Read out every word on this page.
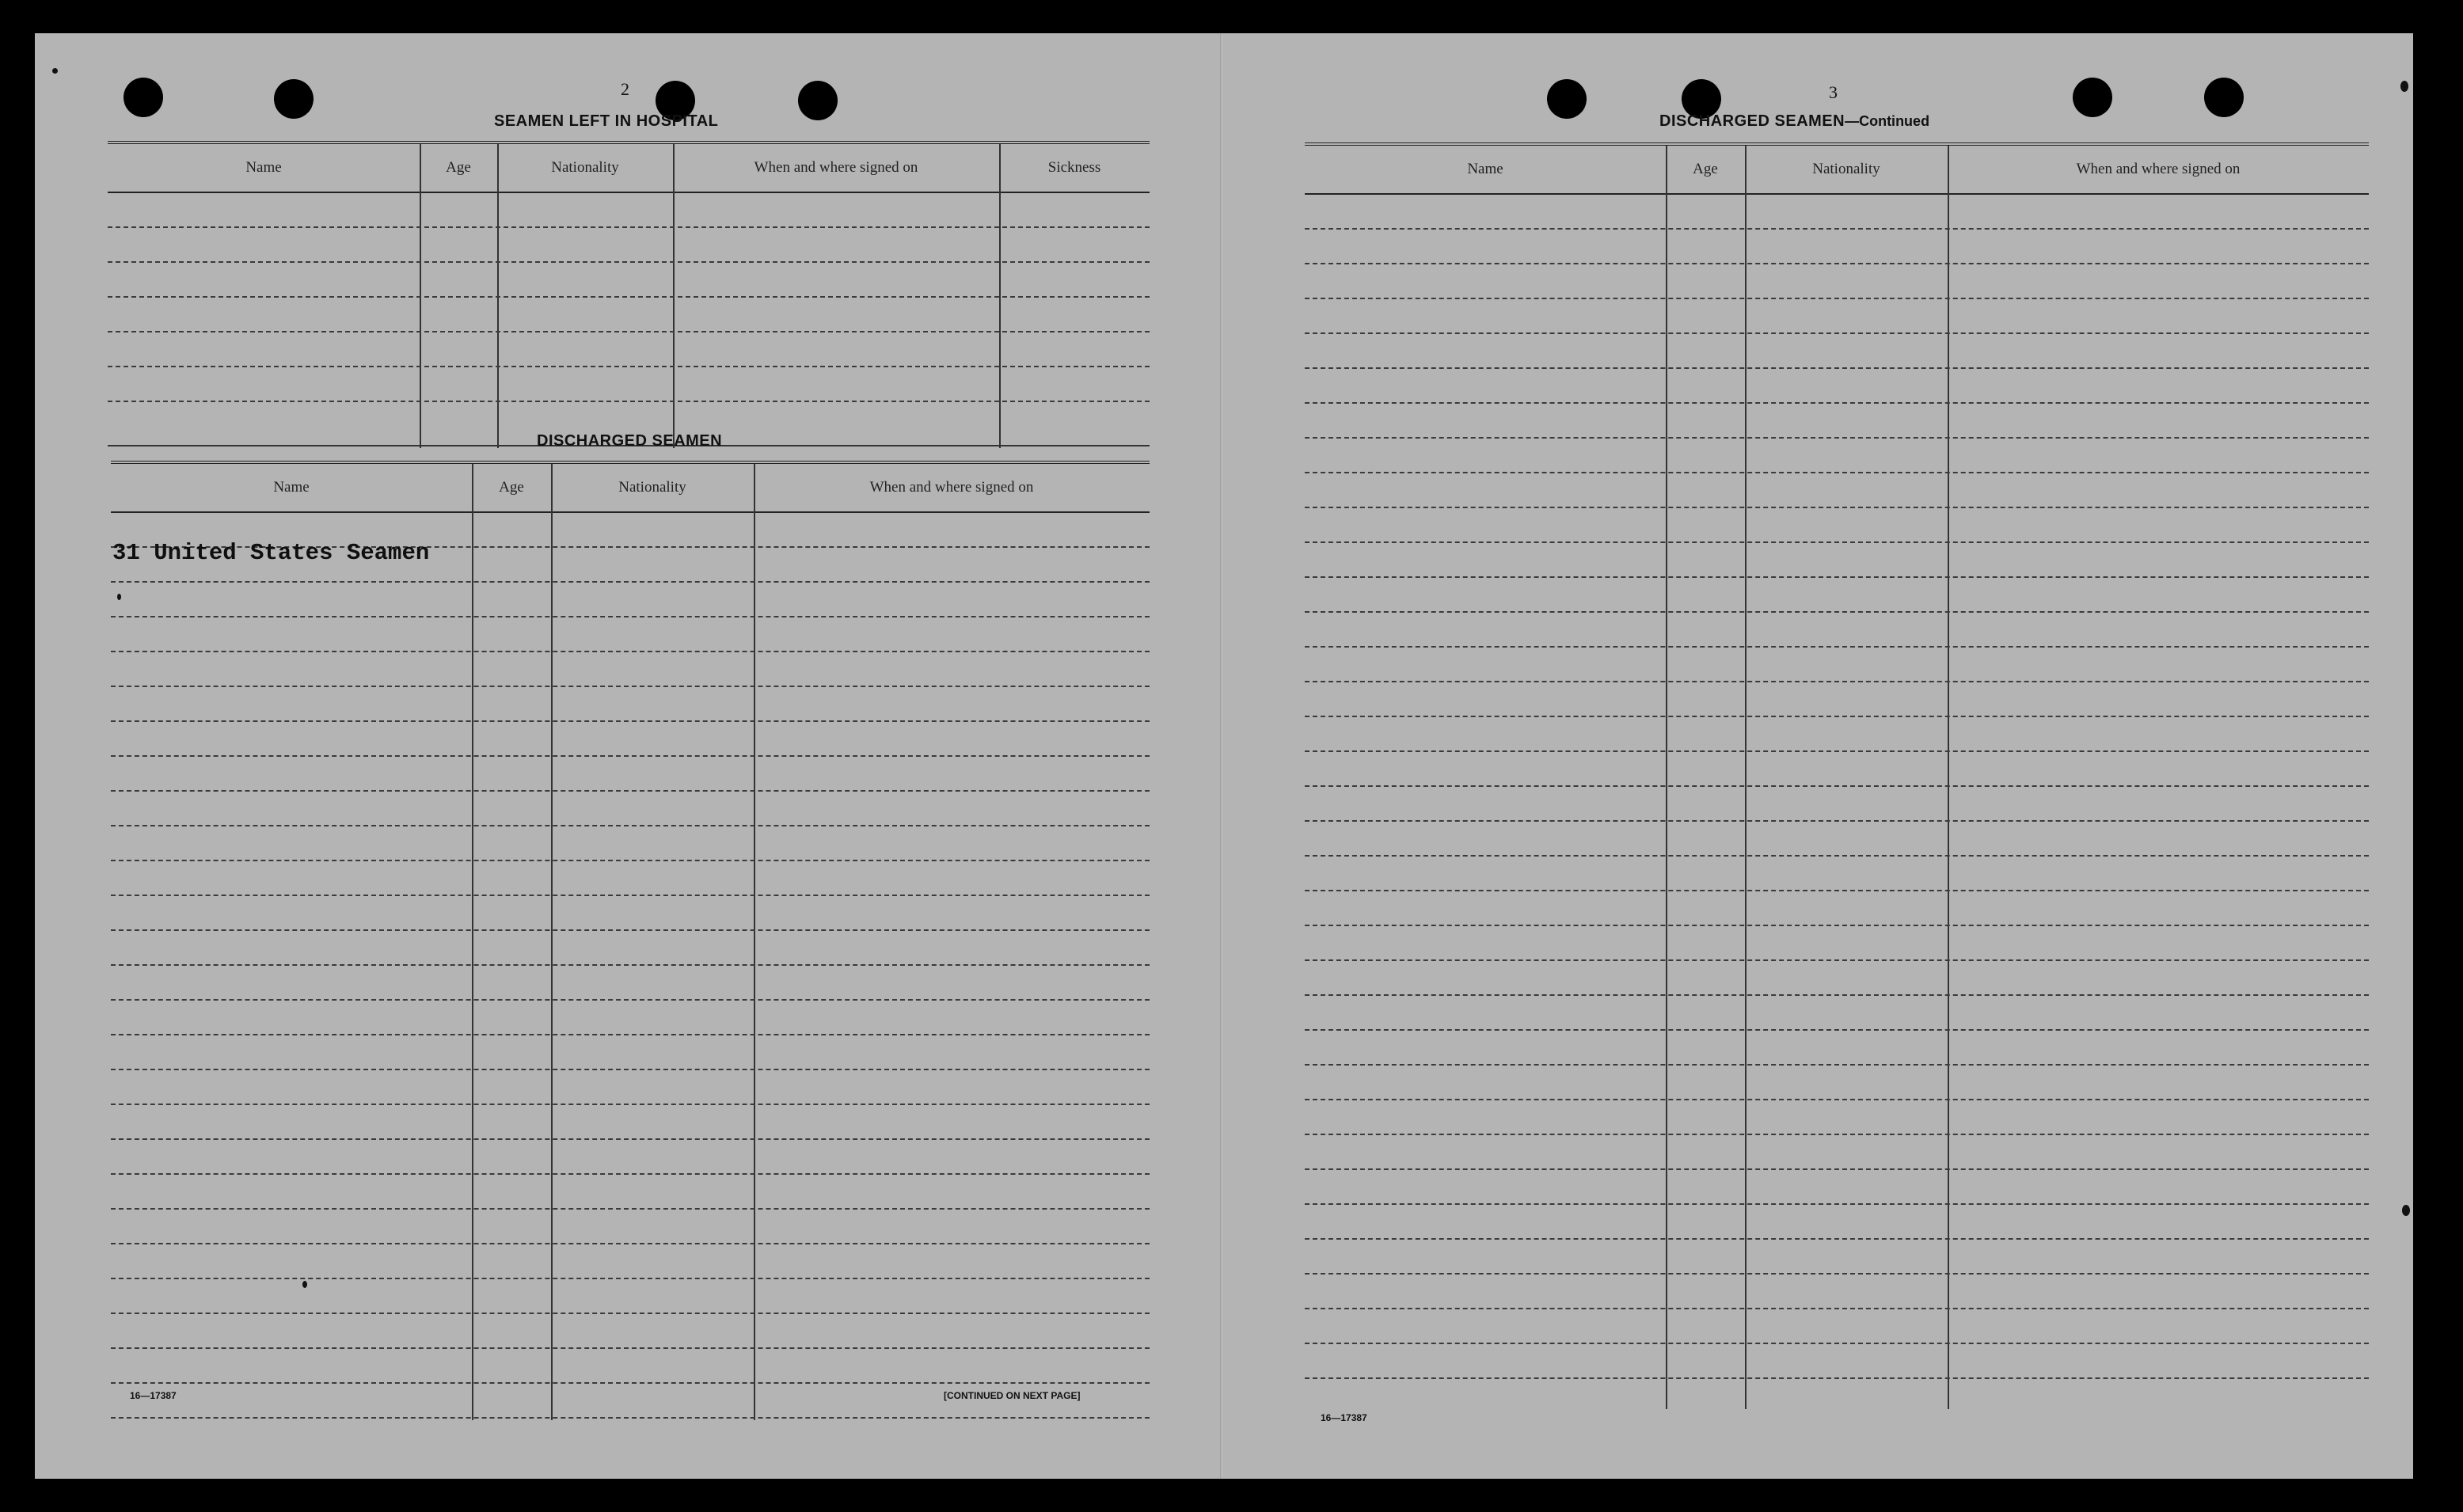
2
SEAMEN LEFT IN HOSPITAL
Name	Age	Nationality	When and where signed on	Sickness
DISCHARGED SEAMEN
Name	Age	Nationality	When and where signed on
31 United States Seamen
16—17387	[CONTINUED ON NEXT PAGE]
3
DISCHARGED SEAMEN—Continued
Name	Age	Nationality	When and where signed on
16—17387
